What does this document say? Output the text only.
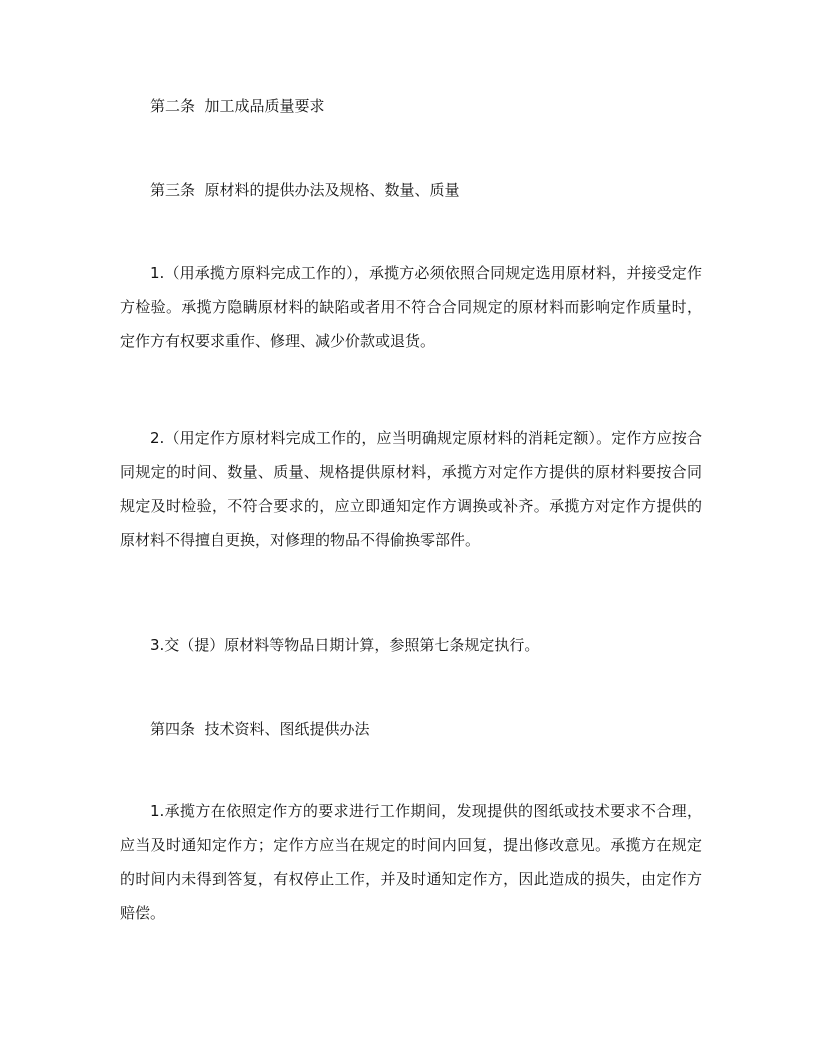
第二条  加工成品质量要求

第三条  原材料的提供办法及规格、数量、质量

1.（用承揽方原料完成工作的），承揽方必须依照合同规定选用原材料，并接受定作方检验。承揽方隐瞒原材料的缺陷或者用不符合合同规定的原材料而影响定作质量时，定作方有权要求重作、修理、减少价款或退货。

2.（用定作方原材料完成工作的，应当明确规定原材料的消耗定额）。定作方应按合同规定的时间、数量、质量、规格提供原材料，承揽方对定作方提供的原材料要按合同规定及时检验，不符合要求的，应立即通知定作方调换或补齐。承揽方对定作方提供的原材料不得擅自更换，对修理的物品不得偷换零部件。

3.交（提）原材料等物品日期计算，参照第七条规定执行。

第四条  技术资料、图纸提供办法

1.承揽方在依照定作方的要求进行工作期间，发现提供的图纸或技术要求不合理，应当及时通知定作方；定作方应当在规定的时间内回复，提出修改意见。承揽方在规定的时间内未得到答复，有权停止工作，并及时通知定作方，因此造成的损失，由定作方赔偿。
